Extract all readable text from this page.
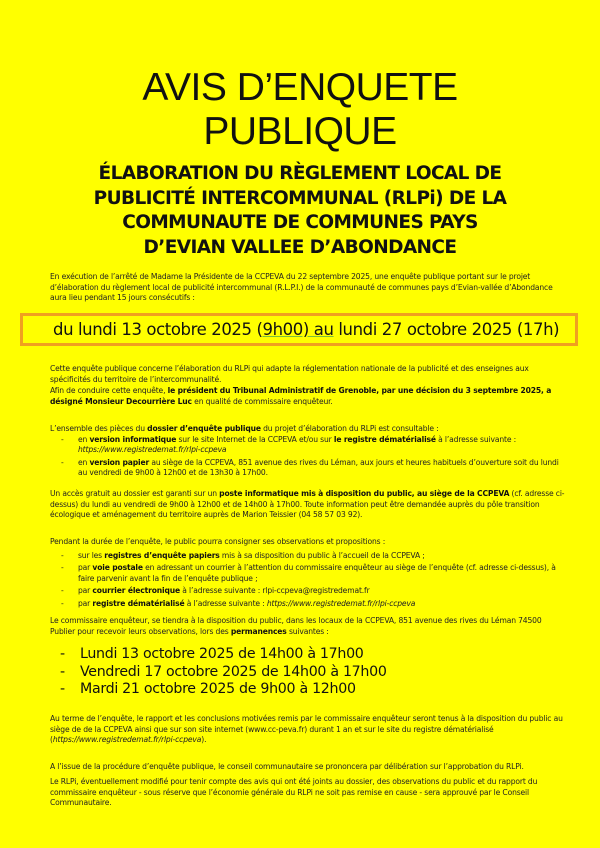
AVIS D’ENQUETE
PUBLIQUE
ÉLABORATION DU RÈGLEMENT LOCAL DE
PUBLICITÉ INTERCOMMUNAL (RLPi) DE LA
COMMUNAUTE DE COMMUNES PAYS
D’EVIAN VALLEE D’ABONDANCE
En exécution de l’arrêté de Madame la Présidente de la CCPEVA du 22 septembre 2025, une enquête publique portant sur le projet d’élaboration du règlement local de publicité intercommunal (R.L.P.I.) de la communauté de communes pays d’Evian-vallée d’Abondance aura lieu pendant 15 jours consécutifs :
du lundi 13 octobre 2025 (9h00) au lundi 27 octobre 2025 (17h)
Cette enquête publique concerne l’élaboration du RLPi qui adapte la réglementation nationale de la publicité et des enseignes aux spécificités du territoire de l’intercommunalité.
Afin de conduire cette enquête, le président du Tribunal Administratif de Grenoble, par une décision du 3 septembre 2025, a désigné Monsieur Decourrière Luc en qualité de commissaire enquêteur.
L’ensemble des pièces du dossier d’enquête publique du projet d’élaboration du RLPi est consultable :
- en version informatique sur le site Internet de la CCPEVA et/ou sur le registre dématérialisé à l’adresse suivante :
https://www.registredemat.fr/rlpi-ccpeva
- en version papier au siège de la CCPEVA, 851 avenue des rives du Léman, aux jours et heures habituels d’ouverture soit du lundi au vendredi de 9h00 à 12h00 et de 13h30 à 17h00.
Un accès gratuit au dossier est garanti sur un poste informatique mis à disposition du public, au siège de la CCPEVA (cf. adresse ci-dessus) du lundi au vendredi de 9h00 à 12h00 et de 14h00 à 17h00. Toute information peut être demandée auprès du pôle transition écologique et aménagement du territoire auprès de Marion Teissier (04 58 57 03 92).
Pendant la durée de l’enquête, le public pourra consigner ses observations et propositions :
- sur les registres d’enquête papiers mis à sa disposition du public à l’accueil de la CCPEVA ;
- par voie postale en adressant un courrier à l’attention du commissaire enquêteur au siège de l’enquête (cf. adresse ci-dessus), à faire parvenir avant la fin de l’enquête publique ;
- par courrier électronique à l’adresse suivante : rlpi-ccpeva@registredemat.fr
- par registre dématérialisé à l’adresse suivante : https://www.registredemat.fr/rlpi-ccpeva
Le commissaire enquêteur, se tiendra à la disposition du public, dans les locaux de la CCPEVA, 851 avenue des rives du Léman 74500 Publier pour recevoir leurs observations, lors des permanences suivantes :
- Lundi 13 octobre 2025 de 14h00 à 17h00
- Vendredi 17 octobre 2025 de 14h00 à 17h00
- Mardi 21 octobre 2025 de 9h00 à 12h00
Au terme de l’enquête, le rapport et les conclusions motivées remis par le commissaire enquêteur seront tenus à la disposition du public au siège de de la CCPEVA ainsi que sur son site internet (www.cc-peva.fr) durant 1 an et sur le site du registre dématérialisé (https://www.registredemat.fr/rlpi-ccpeva).
A l’issue de la procédure d’enquête publique, le conseil communautaire se prononcera par délibération sur l’approbation du RLPi.
Le RLPi, éventuellement modifié pour tenir compte des avis qui ont été joints au dossier, des observations du public et du rapport du commissaire enquêteur - sous réserve que l’économie générale du RLPi ne soit pas remise en cause - sera approuvé par le Conseil Communautaire.
